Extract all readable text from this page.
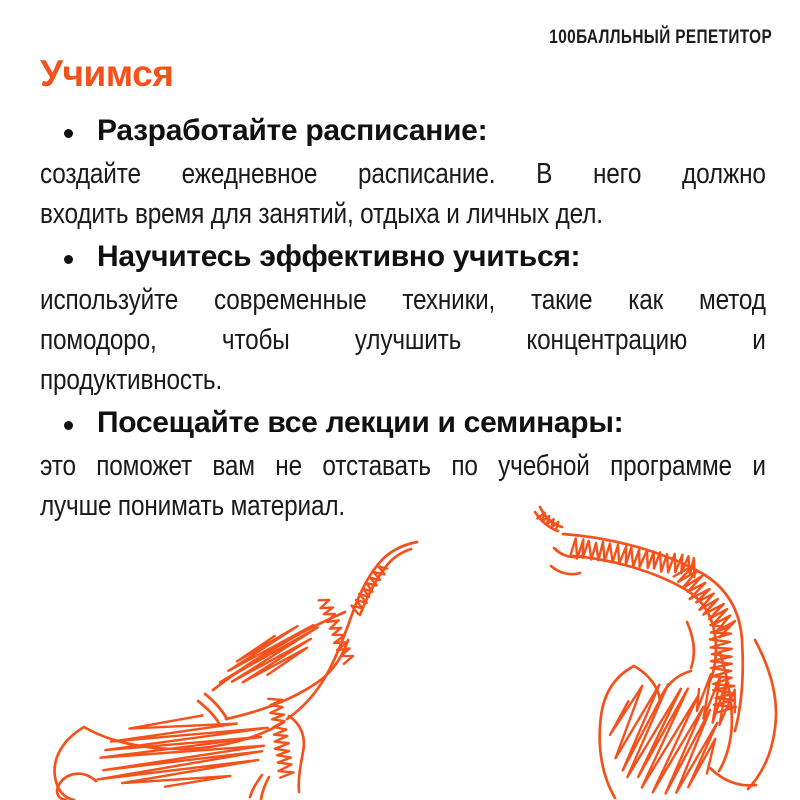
100БАЛЛЬНЫЙ РЕПЕТИТОР
Учимся
Разработайте расписание:
создайте ежедневное расписание. В него должно
входить время для занятий, отдыха и личных дел.
Научитесь эффективно учиться:
используйте современные техники, такие как метод
помодоро, чтобы улучшить концентрацию и
продуктивность.
Посещайте все лекции и семинары:
это поможет вам не отставать по учебной программе и
лучше понимать материал.
